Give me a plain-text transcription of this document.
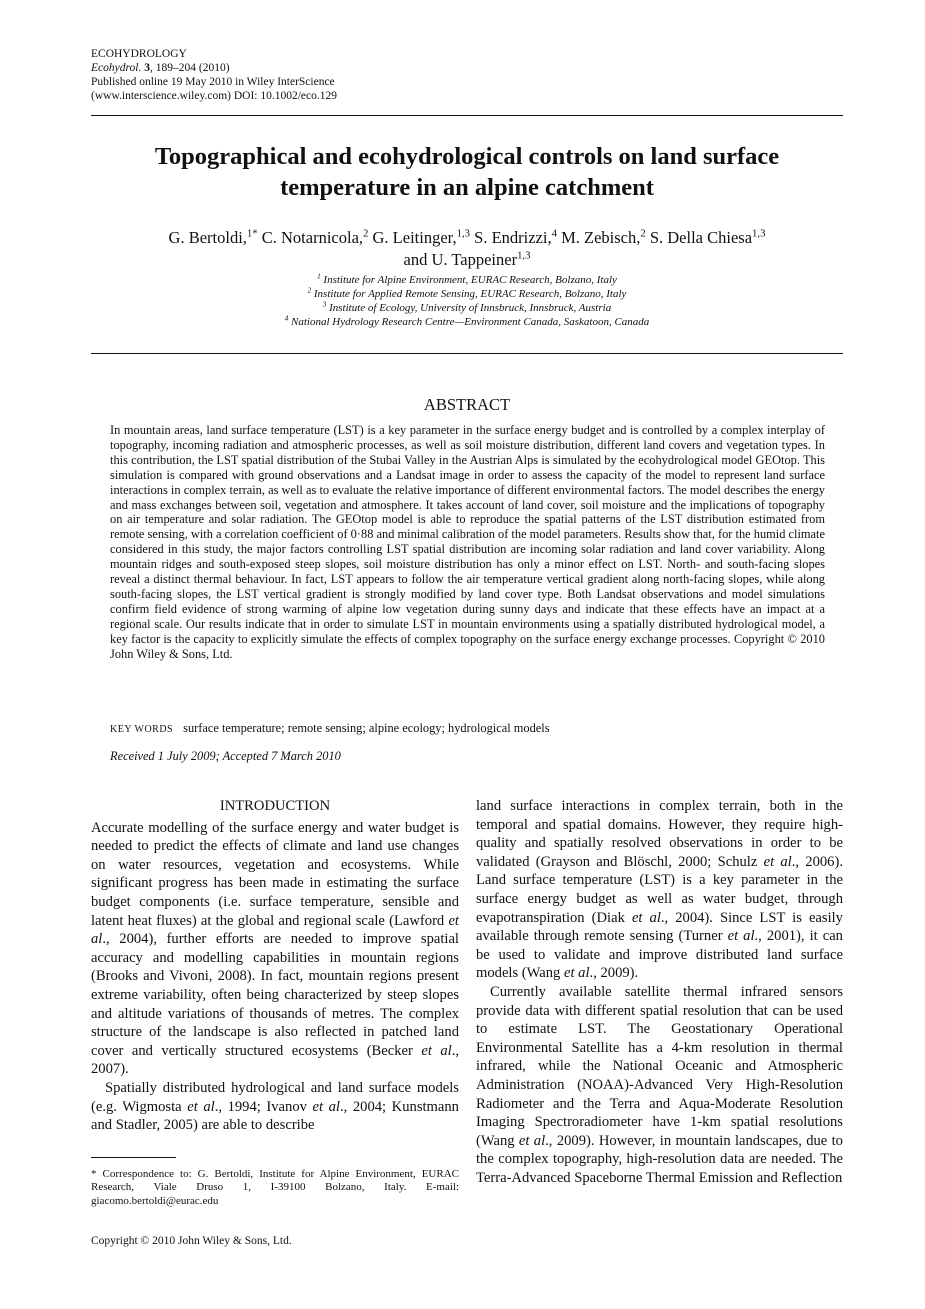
ECOHYDROLOGY
Ecohydrol. 3, 189–204 (2010)
Published online 19 May 2010 in Wiley InterScience
(www.interscience.wiley.com) DOI: 10.1002/eco.129
Topographical and ecohydrological controls on land surface
temperature in an alpine catchment
G. Bertoldi,$^{1*}$ C. Notarnicola,$^2$ G. Leitinger,$^{1,3}$ S. Endrizzi,$^4$ M. Zebisch,$^2$ S. Della Chiesa$^{1,3}$
and U. Tappeiner$^{1,3}$
$^1$ Institute for Alpine Environment, EURAC Research, Bolzano, Italy
$^2$ Institute for Applied Remote Sensing, EURAC Research, Bolzano, Italy
$^3$ Institute of Ecology, University of Innsbruck, Innsbruck, Austria
$^4$ National Hydrology Research Centre—Environment Canada, Saskatoon, Canada
ABSTRACT
In mountain areas, land surface temperature (LST) is a key parameter in the surface energy budget and is controlled by a complex interplay of topography, incoming radiation and atmospheric processes, as well as soil moisture distribution, different land covers and vegetation types. In this contribution, the LST spatial distribution of the Stubai Valley in the Austrian Alps is simulated by the ecohydrological model GEOtop. This simulation is compared with ground observations and a Landsat image in order to assess the capacity of the model to represent land surface interactions in complex terrain, as well as to evaluate the relative importance of different environmental factors. The model describes the energy and mass exchanges between soil, vegetation and atmosphere. It takes account of land cover, soil moisture and the implications of topography on air temperature and solar radiation. The GEOtop model is able to reproduce the spatial patterns of the LST distribution estimated from remote sensing, with a correlation coefficient of 0·88 and minimal calibration of the model parameters. Results show that, for the humid climate considered in this study, the major factors controlling LST spatial distribution are incoming solar radiation and land cover variability. Along mountain ridges and south-exposed steep slopes, soil moisture distribution has only a minor effect on LST. North- and south-facing slopes reveal a distinct thermal behaviour. In fact, LST appears to follow the air temperature vertical gradient along north-facing slopes, while along south-facing slopes, the LST vertical gradient is strongly modified by land cover type. Both Landsat observations and model simulations confirm field evidence of strong warming of alpine low vegetation during sunny days and indicate that these effects have an impact at a regional scale. Our results indicate that in order to simulate LST in mountain environments using a spatially distributed hydrological model, a key factor is the capacity to explicitly simulate the effects of complex topography on the surface energy exchange processes. Copyright © 2010 John Wiley & Sons, Ltd.
KEY WORDS surface temperature; remote sensing; alpine ecology; hydrological models
Received 1 July 2009; Accepted 7 March 2010
INTRODUCTION

Accurate modelling of the surface energy and water budget is needed to predict the effects of climate and land use changes on water resources, vegetation and ecosystems. While significant progress has been made in estimating the surface budget components (i.e. surface temperature, sensible and latent heat fluxes) at the global and regional scale (Lawford et al., 2004), further efforts are needed to improve spatial accuracy and modelling capabilities in mountain regions (Brooks and Vivoni, 2008). In fact, mountain regions present extreme variability, often being characterized by steep slopes and altitude variations of thousands of metres. The complex structure of the landscape is also reflected in patched land cover and vertically structured ecosystems (Becker et al., 2007).

Spatially distributed hydrological and land surface models (e.g. Wigmosta et al., 1994; Ivanov et al., 2004; Kunstmann and Stadler, 2005) are able to describe

land surface interactions in complex terrain, both in the temporal and spatial domains. However, they require high-quality and spatially resolved observations in order to be validated (Grayson and Blöschl, 2000; Schulz et al., 2006). Land surface temperature (LST) is a key parameter in the surface energy budget as well as water budget, through evapotranspiration (Diak et al., 2004). Since LST is easily available through remote sensing (Turner et al., 2001), it can be used to validate and improve distributed land surface models (Wang et al., 2009).

Currently available satellite thermal infrared sensors provide data with different spatial resolution that can be used to estimate LST. The Geostationary Operational Environmental Satellite has a 4-km resolution in thermal infrared, while the National Oceanic and Atmospheric Administration (NOAA)-Advanced Very High-Resolution Radiometer and the Terra and Aqua-Moderate Resolution Imaging Spectroradiometer have 1-km spatial resolutions (Wang et al., 2009). However, in mountain landscapes, due to the complex topography, high-resolution data are needed. The Terra-Advanced Spaceborne Thermal Emission and Reflection

* Correspondence to: G. Bertoldi, Institute for Alpine Environment, EURAC Research, Viale Druso 1, I-39100 Bolzano, Italy. E-mail: giacomo.bertoldi@eurac.edu
Copyright © 2010 John Wiley & Sons, Ltd.
